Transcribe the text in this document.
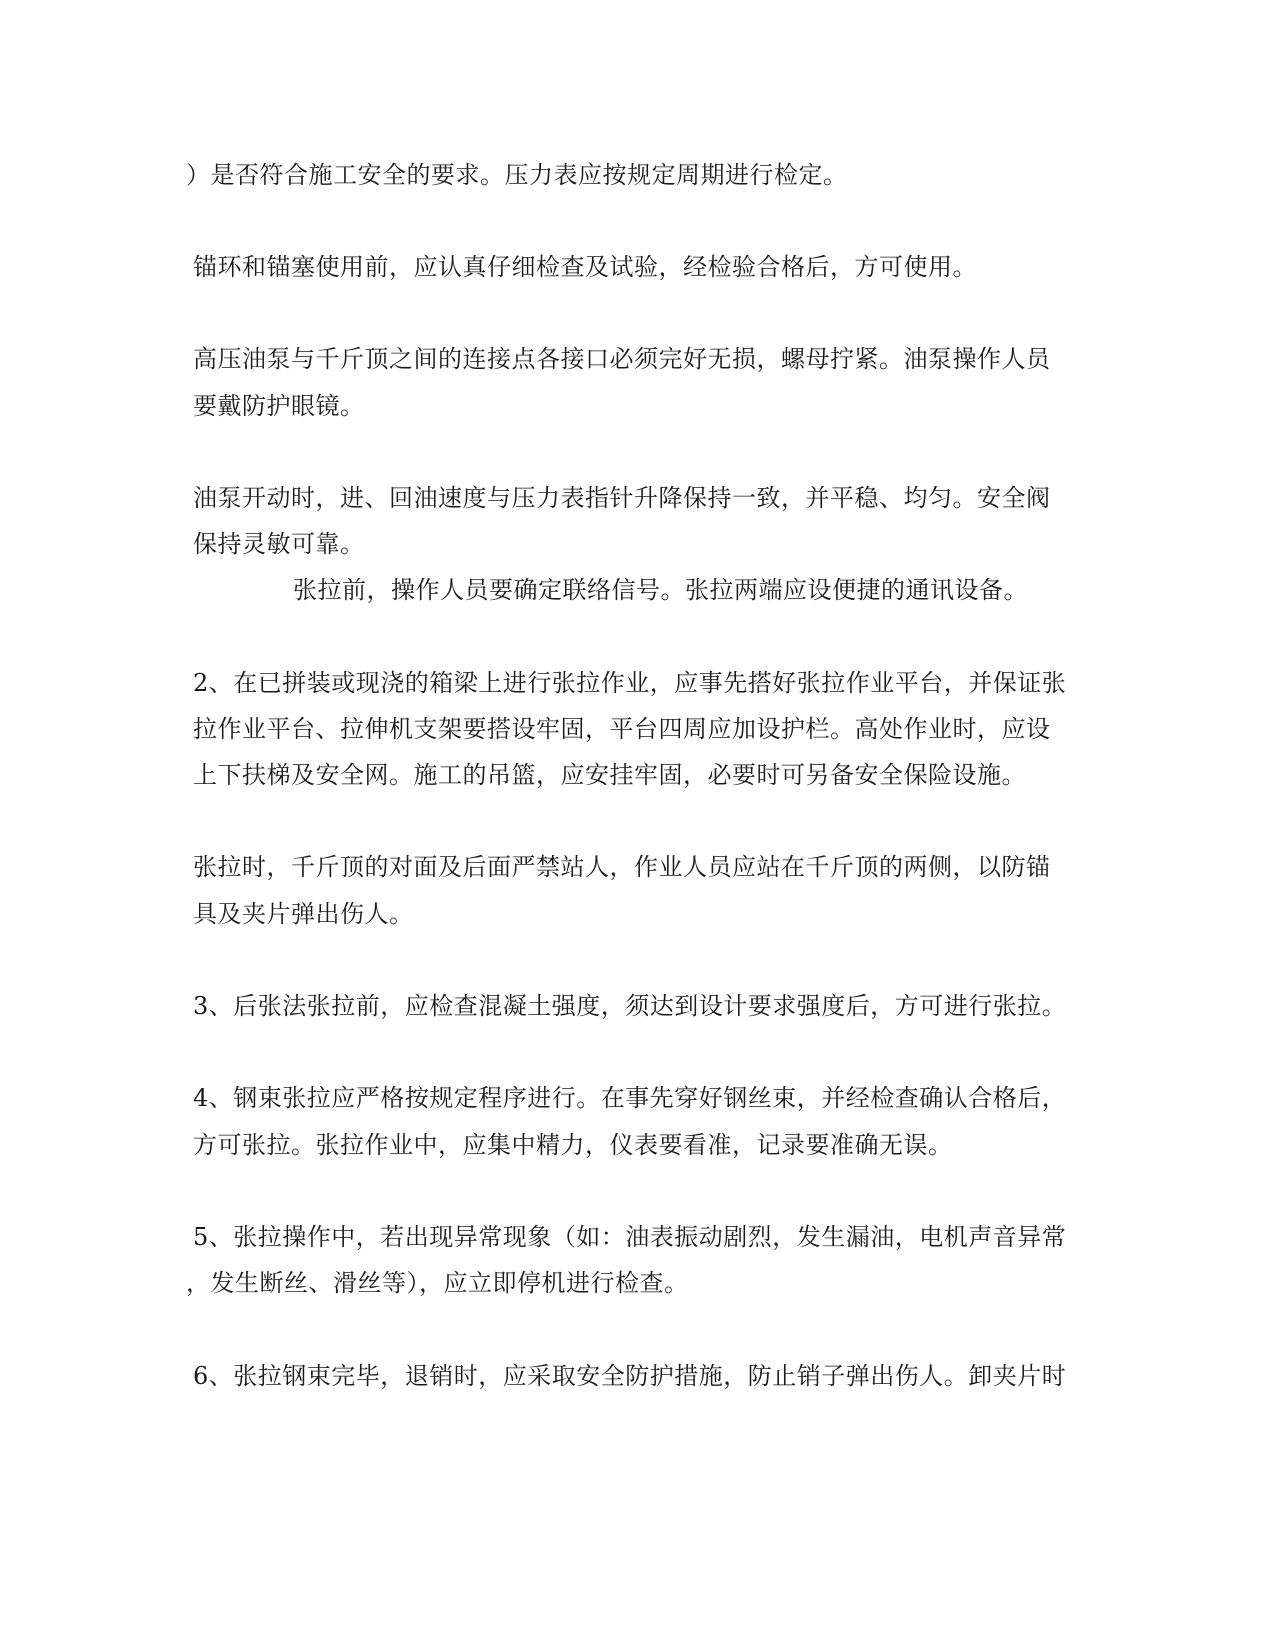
）是否符合施工安全的要求。压力表应按规定周期进行检定。
锚环和锚塞使用前，应认真仔细检查及试验，经检验合格后，方可使用。
高压油泵与千斤顶之间的连接点各接口必须完好无损，螺母拧紧。油泵操作人员
要戴防护眼镜。
油泵开动时，进、回油速度与压力表指针升降保持一致，并平稳、均匀。安全阀
保持灵敏可靠。
张拉前，操作人员要确定联络信号。张拉两端应设便捷的通讯设备。
2、在已拼装或现浇的箱梁上进行张拉作业，应事先搭好张拉作业平台，并保证张
拉作业平台、拉伸机支架要搭设牢固，平台四周应加设护栏。高处作业时，应设
上下扶梯及安全网。施工的吊篮，应安挂牢固，必要时可另备安全保险设施。
张拉时，千斤顶的对面及后面严禁站人，作业人员应站在千斤顶的两侧，以防锚
具及夹片弹出伤人。
3、后张法张拉前，应检查混凝土强度，须达到设计要求强度后，方可进行张拉。
4、钢束张拉应严格按规定程序进行。在事先穿好钢丝束，并经检查确认合格后，
方可张拉。张拉作业中，应集中精力，仪表要看准，记录要准确无误。
5、张拉操作中，若出现异常现象（如：油表振动剧烈，发生漏油，电机声音异常
，发生断丝、滑丝等），应立即停机进行检查。
6、张拉钢束完毕，退销时，应采取安全防护措施，防止销子弹出伤人。卸夹片时
